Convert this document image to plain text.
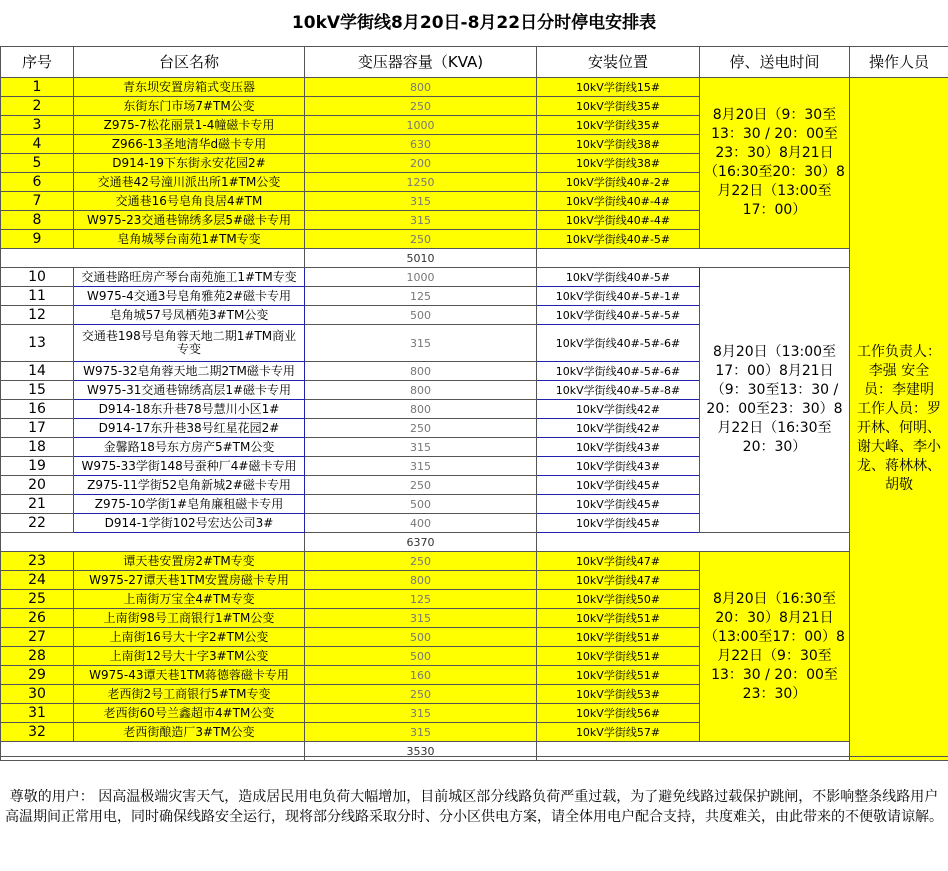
10kV学街线8月20日-8月22日分时停电安排表
序号	台区名称	变压器容量（KVA)	安装位置	停、送电时间	操作人员
1	青东坝安置房箱式变压器	800	10kV学街线15#	8月20日（9：30至13：30 / 20：00至23：30）8月21日（16:30至20：30）8月22日（13:00至17：00）	工作负责人：李强 安全员：李建明 工作人员：罗开林、何明、谢大峰、李小龙、蒋林林、胡敬
2	东街东门市场7#TM公变	250	10kV学街线35#		
3	Z975-7松花丽景1-4幢磁卡专用	1000	10kV学街线35#		
4	Z966-13圣地清华d磁卡专用	630	10kV学街线38#		
5	D914-19下东街永安花园2#	200	10kV学街线38#		
6	交通巷42号潼川派出所1#TM公变	1250	10kV学街线40#-2#		
7	交通巷16号皂角良居4#TM	315	10kV学街线40#-4#		
8	W975-23交通巷锦绣多层5#磁卡专用	315	10kV学街线40#-4#		
9	皂角城琴台南苑1#TM专变	250	10kV学街线40#-5#		
		5010			
10	交通巷路旺房产琴台南苑施工1#TM专变	1000	10kV学街线40#-5#	8月20日（13:00至17：00）8月21日（9：30至13：30 / 20：00至23：30）8月22日（16:30至20：30）	
11	W975-4交通3号皂角雅苑2#磁卡专用	125	10kV学街线40#-5#-1#		
12	皂角城57号凤栖苑3#TM公变	500	10kV学街线40#-5#-5#		
13	交通巷198号皂角蓉天地二期1#TM商业专变	315	10kV学街线40#-5#-6#		
14	W975-32皂角蓉天地二期2TM磁卡专用	800	10kV学街线40#-5#-6#		
15	W975-31交通巷锦绣高层1#磁卡专用	800	10kV学街线40#-5#-8#		
16	D914-18东升巷78号慧川小区1#	800	10kV学街线42#		
17	D914-17东升巷38号红星花园2#	250	10kV学街线42#		
18	金馨路18号东方房产5#TM公变	315	10kV学街线43#		
19	W975-33学街148号蚕种厂4#磁卡专用	315	10kV学街线43#		
20	Z975-11学街52皂角新城2#磁卡专用	250	10kV学街线45#		
21	Z975-10学街1#皂角廉租磁卡专用	500	10kV学街线45#		
22	D914-1学街102号宏达公司3#	400	10kV学街线45#		
		6370			
23	谭天巷安置房2#TM专变	250	10kV学街线47#	8月20日（16:30至20：30）8月21日（13:00至17：00）8月22日（9：30至13：30 / 20：00至23：30）	
24	W975-27谭天巷1TM安置房磁卡专用	800	10kV学街线47#		
25	上南街万宝全4#TM专变	125	10kV学街线50#		
26	上南街98号工商银行1#TM公变	315	10kV学街线51#		
27	上南街16号大十字2#TM公变	500	10kV学街线51#		
28	上南街12号大十字3#TM公变	500	10kV学街线51#		
29	W975-43谭天巷1TM蒋德蓉磁卡专用	160	10kV学街线51#		
30	老西街2号工商银行5#TM专变	250	10kV学街线53#		
31	老西街60号兰鑫超市4#TM公变	315	10kV学街线56#		
32	老西街酿造厂3#TM公变	315	10kV学街线57#		
		3530			
尊敬的用户： 因高温极端灾害天气，造成居民用电负荷大幅增加，目前城区部分线路负荷严重过载，为了避免线路过载保护跳闸，不影响整条线路用户高温期间正常用电，同时确保线路安全运行，现将部分线路采取分时、分小区供电方案，请全体用电户配合支持，共度难关，由此带来的不便敬请谅解。
